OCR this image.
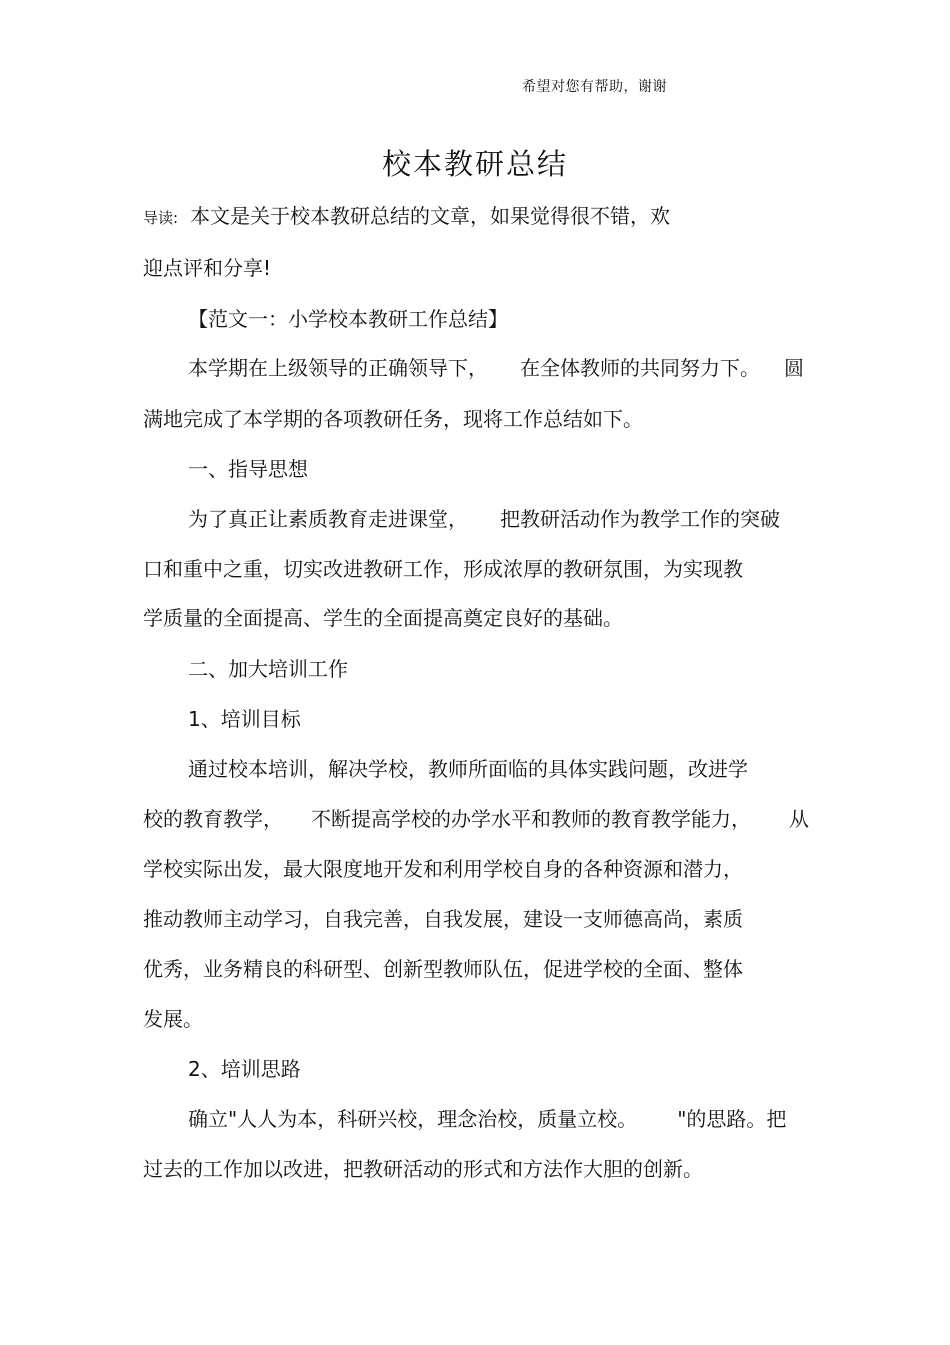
希望对您有帮助，谢谢
校本教研总结
导读: 本文是关于校本教研总结的文章，如果觉得很不错，欢
迎点评和分享!
【范文一：小学校本教研工作总结】
本学期在上级领导的正确领导下， 在全体教师的共同努力下。 圆
满地完成了本学期的各项教研任务，现将工作总结如下。
一、指导思想
为了真正让素质教育走进课堂， 把教研活动作为教学工作的突破
口和重中之重，切实改进教研工作，形成浓厚的教研氛围，为实现教
学质量的全面提高、学生的全面提高奠定良好的基础。
二、加大培训工作
1、培训目标
通过校本培训，解决学校，教师所面临的具体实践问题，改进学
校的教育教学， 不断提高学校的办学水平和教师的教育教学能力， 从
学校实际出发，最大限度地开发和利用学校自身的各种资源和潜力，
推动教师主动学习，自我完善，自我发展，建设一支师德高尚，素质
优秀，业务精良的科研型、创新型教师队伍，促进学校的全面、整体
发展。
2、培训思路
确立"人人为本，科研兴校，理念治校，质量立校。 "的思路。把
过去的工作加以改进，把教研活动的形式和方法作大胆的创新。
